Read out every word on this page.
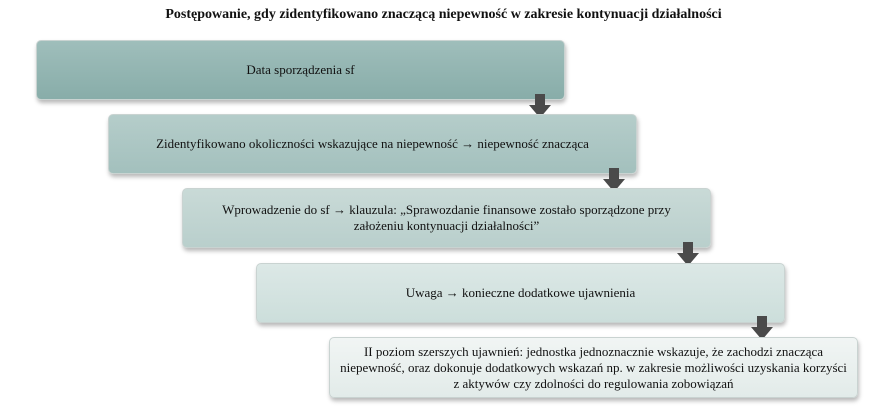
Postępowanie, gdy zidentyfikowano znaczącą niepewność w zakresie kontynuacji działalności
Data sporządzenia sf
Zidentyfikowano okoliczności wskazujące na niepewność → niepewność znacząca
Wprowadzenie do sf → klauzula: „Sprawozdanie finansowe zostało sporządzone przy założeniu kontynuacji działalności”
Uwaga → konieczne dodatkowe ujawnienia
II poziom szerszych ujawnień: jednostka jednoznacznie wskazuje, że zachodzi znacząca niepewność, oraz dokonuje dodatkowych wskazań np. w zakresie możliwości uzyskania korzyści z aktywów czy zdolności do regulowania zobowiązań
